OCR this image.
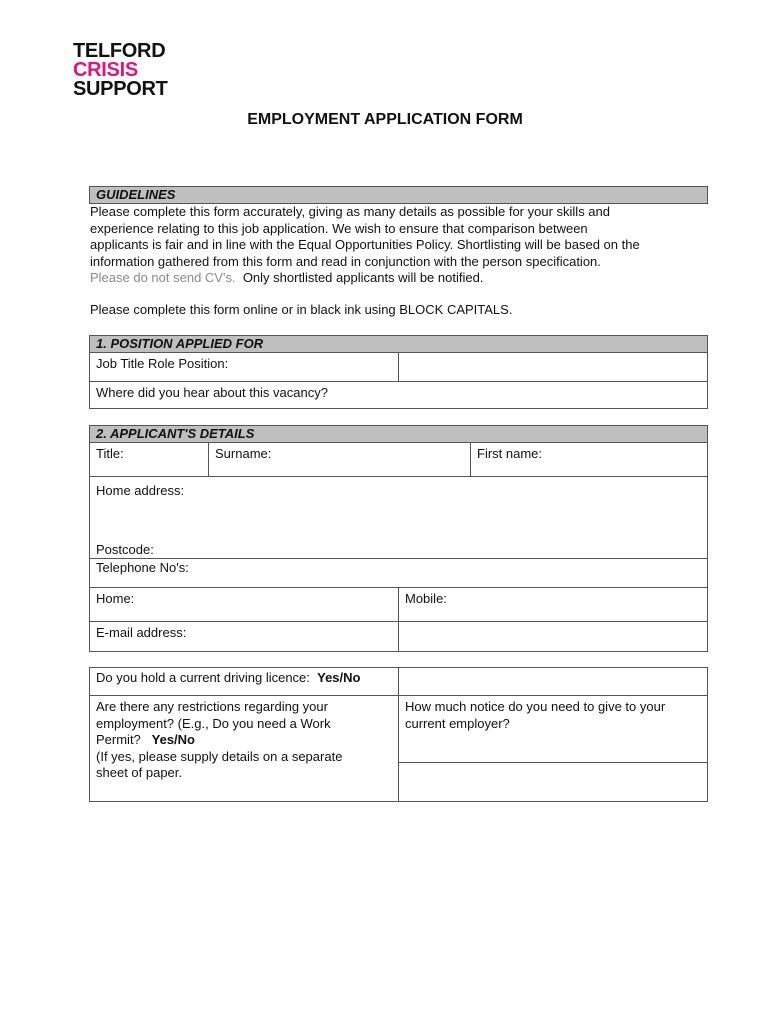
TELFORD
CRISIS
SUPPORT
EMPLOYMENT APPLICATION FORM
GUIDELINES
Please complete this form accurately, giving as many details as possible for your skills and
experience relating to this job application. We wish to ensure that comparison between
applicants is fair and in line with the Equal Opportunities Policy. Shortlisting will be based on the
information gathered from this form and read in conjunction with the person specification.
Please do not send CV's. Only shortlisted applicants will be notified.
Please complete this form online or in black ink using BLOCK CAPITALS.
1. POSITION APPLIED FOR
Job Title Role Position:
Where did you hear about this vacancy?
2. APPLICANT'S DETAILS
Title:	Surname:	First name:
Home address:
Postcode:
Telephone No's:
Home:	Mobile:
E-mail address:
Do you hold a current driving licence: Yes/No
Are there any restrictions regarding your
employment? (E.g., Do you need a Work
Permit? Yes/No
(If yes, please supply details on a separate
sheet of paper.
How much notice do you need to give to your
current employer?
